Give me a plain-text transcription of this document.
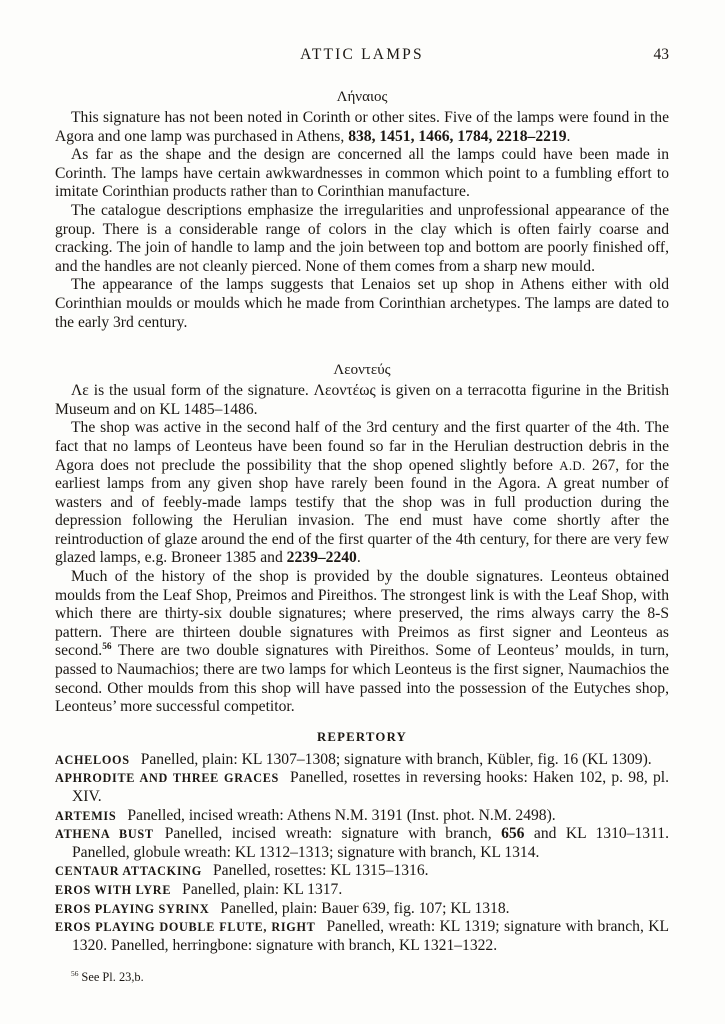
ATTIC LAMPS	43
Λήναιος

This signature has not been noted in Corinth or other sites. Five of the lamps were found in the Agora and one lamp was purchased in Athens, 838, 1451, 1466, 1784, 2218–2219.

As far as the shape and the design are concerned all the lamps could have been made in Corinth. The lamps have certain awkwardnesses in common which point to a fumbling effort to imitate Corinthian products rather than to Corinthian manufacture.

The catalogue descriptions emphasize the irregularities and unprofessional appearance of the group. There is a considerable range of colors in the clay which is often fairly coarse and cracking. The join of handle to lamp and the join between top and bottom are poorly finished off, and the handles are not cleanly pierced. None of them comes from a sharp new mould.

The appearance of the lamps suggests that Lenaios set up shop in Athens either with old Corinthian moulds or moulds which he made from Corinthian archetypes. The lamps are dated to the early 3rd century.

Λεοντεύς

Λε is the usual form of the signature. Λεοντέως is given on a terracotta figurine in the British Museum and on KL 1485–1486.

The shop was active in the second half of the 3rd century and the first quarter of the 4th. The fact that no lamps of Leonteus have been found so far in the Herulian destruction debris in the Agora does not preclude the possibility that the shop opened slightly before A.D. 267, for the earliest lamps from any given shop have rarely been found in the Agora. A great number of wasters and of feebly-made lamps testify that the shop was in full production during the depression following the Herulian invasion. The end must have come shortly after the reintroduction of glaze around the end of the first quarter of the 4th century, for there are very few glazed lamps, e.g. Broneer 1385 and 2239–2240.

Much of the history of the shop is provided by the double signatures. Leonteus obtained moulds from the Leaf Shop, Preimos and Pireithos. The strongest link is with the Leaf Shop, with which there are thirty-six double signatures; where preserved, the rims always carry the 8-S pattern. There are thirteen double signatures with Preimos as first signer and Leonteus as second.$^{56}$ There are two double signatures with Pireithos. Some of Leonteus’ moulds, in turn, passed to Naumachios; there are two lamps for which Leonteus is the first signer, Naumachios the second. Other moulds from this shop will have passed into the possession of the Eutyches shop, Leonteus’ more successful competitor.

REPERTORY

ACHELOOS Panelled, plain: KL 1307–1308; signature with branch, Kübler, fig. 16 (KL 1309).

APHRODITE AND THREE GRACES Panelled, rosettes in reversing hooks: Haken 102, p. 98, pl. XIV.

ARTEMIS Panelled, incised wreath: Athens N.M. 3191 (Inst. phot. N.M. 2498).

ATHENA BUST Panelled, incised wreath: signature with branch, 656 and KL 1310–1311. Panelled, globule wreath: KL 1312–1313; signature with branch, KL 1314.

CENTAUR ATTACKING Panelled, rosettes: KL 1315–1316.

EROS WITH LYRE Panelled, plain: KL 1317.

EROS PLAYING SYRINX Panelled, plain: Bauer 639, fig. 107; KL 1318.

EROS PLAYING DOUBLE FLUTE, RIGHT Panelled, wreath: KL 1319; signature with branch, KL 1320. Panelled, herringbone: signature with branch, KL 1321–1322.

$^{56}$ See Pl. 23,b.
